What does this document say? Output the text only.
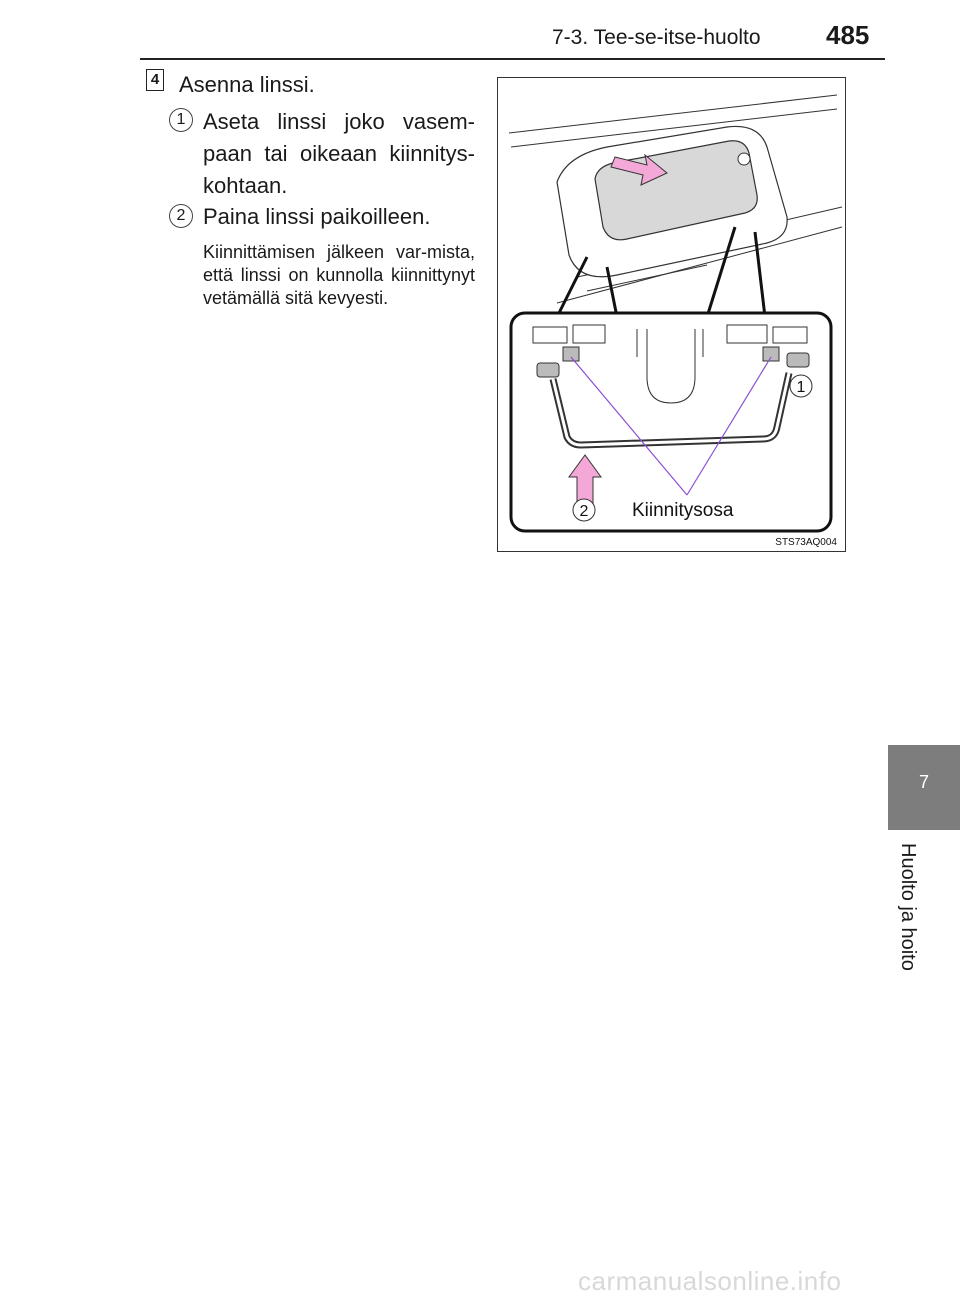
7-3. Tee-se-itse-huolto	485
4 Asenna linssi.
1 Aseta linssi joko vasem-paan tai oikeaan kiinnitys-kohtaan.
2 Paina linssi paikoilleen.
Kiinnittämisen jälkeen var-mista, että linssi on kunnolla kiinnittynyt vetämällä sitä kevyesti.
1
2 Kiinnitysosa
STS73AQ004
7
Huolto ja hoito
carmanualsonline.info
